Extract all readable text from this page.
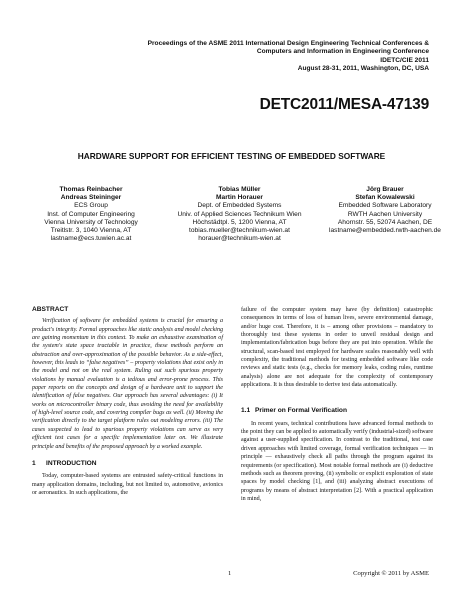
Proceedings of the ASME 2011 International Design Engineering Technical Conferences &
Computers and Information in Engineering Conference
IDETC/CIE 2011
August 28-31, 2011, Washington, DC, USA
DETC2011/MESA-47139
HARDWARE SUPPORT FOR EFFICIENT TESTING OF EMBEDDED SOFTWARE
Thomas Reinbacher
Andreas Steininger
ECS Group
Inst. of Computer Engineering
Vienna University of Technology
Treitlstr. 3, 1040 Vienna, AT
lastname@ecs.tuwien.ac.at
Tobias Müller
Martin Horauer
Dept. of Embedded Systems
Univ. of Applied Sciences Technikum Wien
Höchstädtpl. 5, 1200 Vienna, AT
tobias.mueller@technikum-wien.at
horauer@technikum-wien.at
Jörg Brauer
Stefan Kowalewski
Embedded Software Laboratory
RWTH Aachen University
Ahornstr. 55, 52074 Aachen, DE
lastname@embedded.rwth-aachen.de
ABSTRACT

Verification of software for embedded systems is crucial for ensuring a product's integrity. Formal approaches like static analysis and model checking are gaining momentum in this context. To make an exhaustive examination of the system's state space tractable in practice, these methods perform an abstraction and over-approximation of the possible behavior. As a side-effect, however, this leads to “false negatives” – property violations that exist only in the model and not on the real system. Ruling out such spurious property violations by manual evaluation is a tedious and error-prone process. This paper reports on the concepts and design of a hardware unit to support the identification of false negatives. Our approach has several advantages: (i) It works on microcontroller binary code, thus avoiding the need for availability of high-level source code, and covering compiler bugs as well. (ii) Moving the verification directly to the target platform rules out modeling errors. (iii) The cases suspected to lead to spurious property violations can serve as very efficient test cases for a specific implementation later on. We illustrate principle and benefits of the proposed approach by a worked example.

1 INTRODUCTION

Today, computer-based systems are entrusted safety-critical functions in many application domains, including, but not limited to, automotive, avionics or aeronautics. In such applications, the

failure of the computer system may have (by definition) catastrophic consequences in terms of loss of human lives, severe environmental damage, and/or huge cost. Therefore, it is – among other provisions – mandatory to thoroughly test these systems in order to unveil residual design and implementation/fabrication bugs before they are put into operation. While the structural, scan-based test employed for hardware scales reasonably well with complexity, the traditional methods for testing embedded software like code reviews and static tests (e.g., checks for memory leaks, coding rules, runtime analysis) alone are not adequate for the complexity of contemporary applications. It is thus desirable to derive test data automatically.

1.1 Primer on Formal Verification

In recent years, technical contributions have advanced formal methods to the point they can be applied to automatically verify (industrial-sized) software against a user-supplied specification. In contrast to the traditional, test case driven approaches with limited coverage, formal verification techniques — in principle — exhaustively check all paths through the program against its requirements (or specification). Most notable formal methods are (i) deductive methods such as theorem proving, (ii) symbolic or explicit exploration of state spaces by model checking [1], and (iii) analyzing abstract executions of programs by means of abstract interpretation [2]. With a practical application in mind,

1	Copyright © 2011 by ASME
